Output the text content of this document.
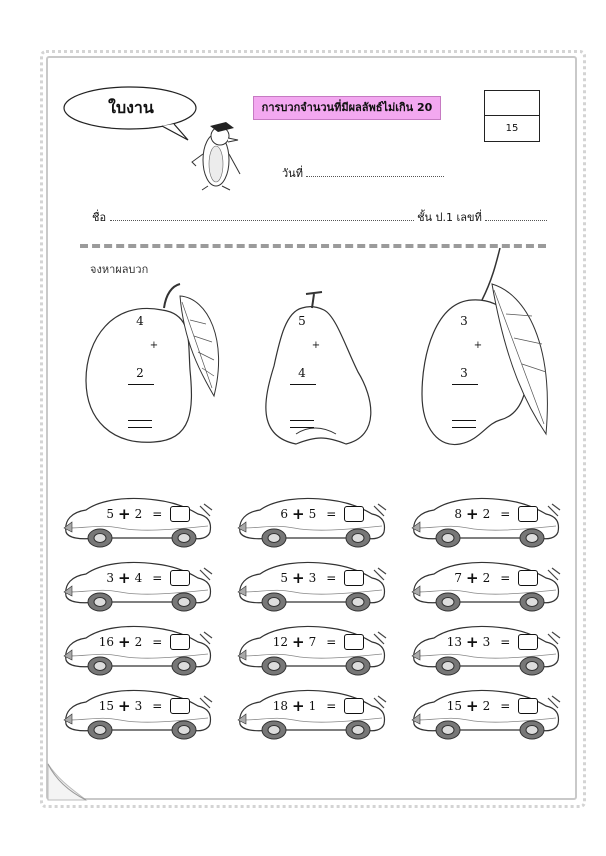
ใบงาน	การบวกจำนวนที่มีผลลัพธ์ไม่เกิน 20
15
วันที่
ชื่อ	ชั้น ป.1 เลขที่
จงหาผลบวก
4
+
2
5
+
4
3
+
3
5 + 2 =	6 + 5 =	8 + 2 =
3 + 4 =	5 + 3 =	7 + 2 =
16 + 2 =	12 + 7 =	13 + 3 =
15 + 3 =	18 + 1 =	15 + 2 =
